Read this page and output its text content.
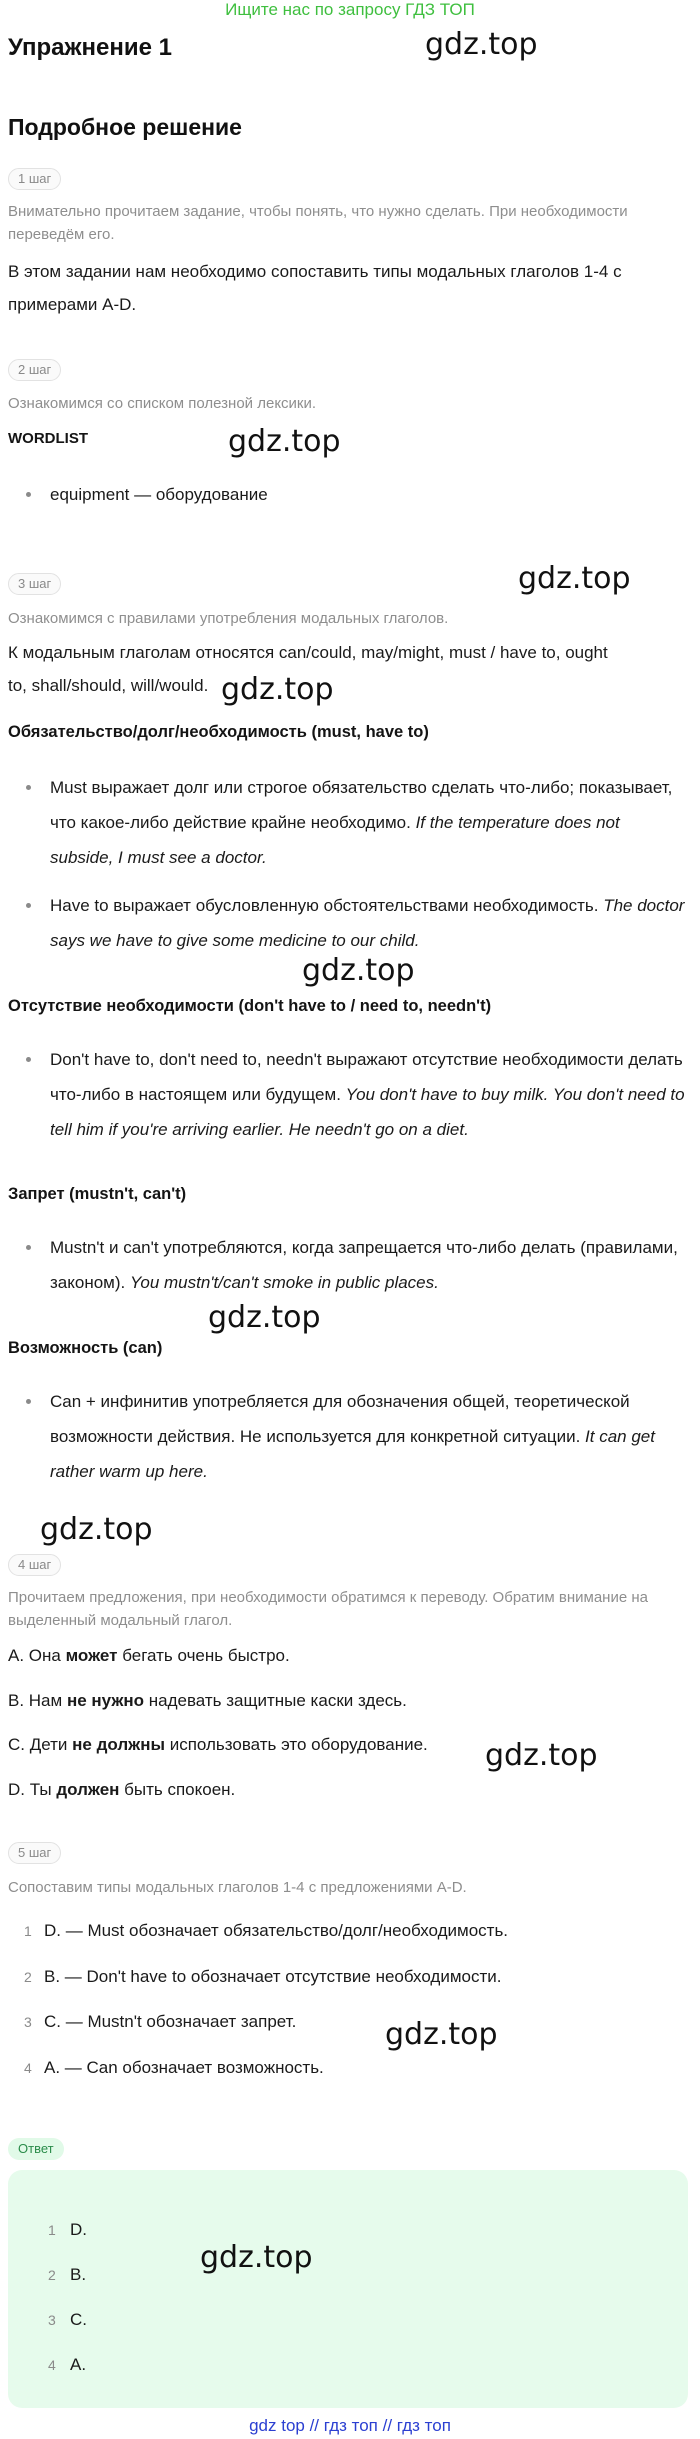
Ищите нас по запросу ГДЗ ТОП
Упражнение 1	gdz.top
Подробное решение
1 шаг
Внимательно прочитаем задание, чтобы понять, что нужно сделать. При необходимости переведём его.
В этом задании нам необходимо сопоставить типы модальных глаголов 1-4 с примерами A-D.
2 шаг
Ознакомимся со списком полезной лексики.
WORDLIST	gdz.top
equipment — оборудование
3 шаг	gdz.top
Ознакомимся с правилами употребления модальных глаголов.
К модальным глаголам относятся can/could, may/might, must / have to, ought to, shall/should, will/would. gdz.top
Обязательство/долг/необходимость (must, have to)
Must выражает долг или строгое обязательство сделать что-либо; показывает, что какое-либо действие крайне необходимо. If the temperature does not subside, I must see a doctor.
Have to выражает обусловленную обстоятельствами необходимость. The doctor says we have to give some medicine to our child.
gdz.top
Отсутствие необходимости (don't have to / need to, needn't)
Don't have to, don't need to, needn't выражают отсутствие необходимости делать что-либо в настоящем или будущем. You don't have to buy milk. You don't need to tell him if you're arriving earlier. He needn't go on a diet.
Запрет (mustn't, can't)
Mustn't и can't употребляются, когда запрещается что-либо делать (правилами, законом). You mustn't/can't smoke in public places.
gdz.top
Возможность (can)
Can + инфинитив употребляется для обозначения общей, теоретической возможности действия. Не используется для конкретной ситуации. It can get rather warm up here.
gdz.top
4 шаг
Прочитаем предложения, при необходимости обратимся к переводу. Обратим внимание на выделенный модальный глагол.
A. Она может бегать очень быстро.
B. Нам не нужно надевать защитные каски здесь.
C. Дети не должны использовать это оборудование. gdz.top
D. Ты должен быть спокоен.
5 шаг
Сопоставим типы модальных глаголов 1-4 с предложениями A-D.
1 D. — Must обозначает обязательство/долг/необходимость.
2 B. — Don't have to обозначает отсутствие необходимости.
3 C. — Mustn't обозначает запрет.	gdz.top
4 A. — Can обозначает возможность.
Ответ
1 D.
2 B.
3 C.
4 A.
gdz.top
gdz top // гдз топ // гдз топ
